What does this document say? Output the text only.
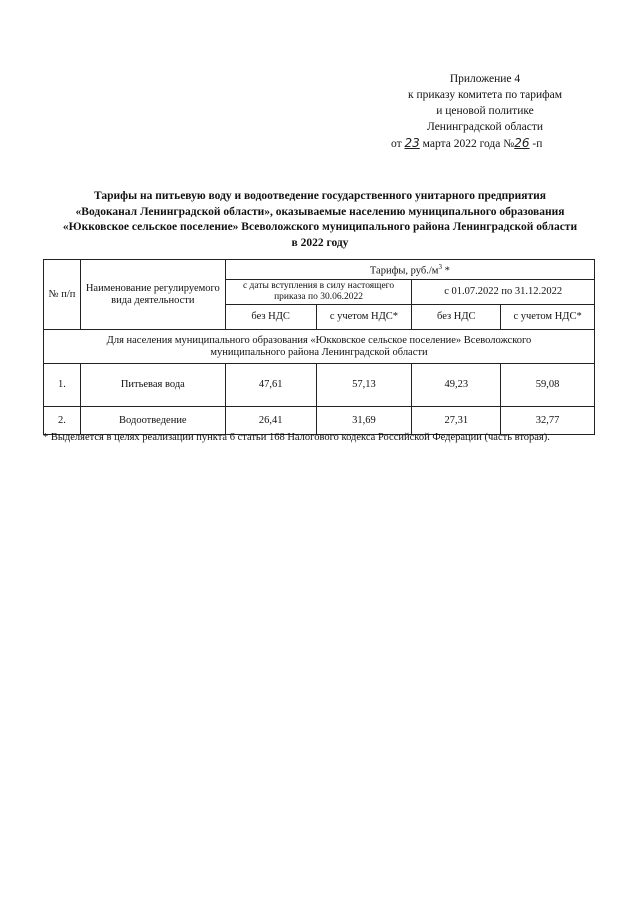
Приложение 4
к приказу комитета по тарифам
и ценовой политике
Ленинградской области
от 23 марта 2022 года №26 -п
Тарифы на питьевую воду и водоотведение государственного унитарного предприятия
«Водоканал Ленинградской области», оказываемые населению муниципального образования
«Юкковское сельское поселение» Всеволожского муниципального района Ленинградской области
в 2022 году
№ п/п	Наименование регулируемого вида деятельности	Тарифы, $руб./м^3$ *			
		с даты вступления в силу настоящего приказа по 30.06.2022		с 01.07.2022 по 31.12.2022	
		без НДС	с учетом НДС*	без НДС	с учетом НДС*
Для населения муниципального образования «Юкковское сельское поселение» Всеволожского муниципального района Ленинградской области					
1.	Питьевая вода	47,61	57,13	49,23	59,08
2.	Водоотведение	26,41	31,69	27,31	32,77
* Выделяется в целях реализации пункта 6 статьи 168 Налогового кодекса Российской Федерации (часть вторая).
